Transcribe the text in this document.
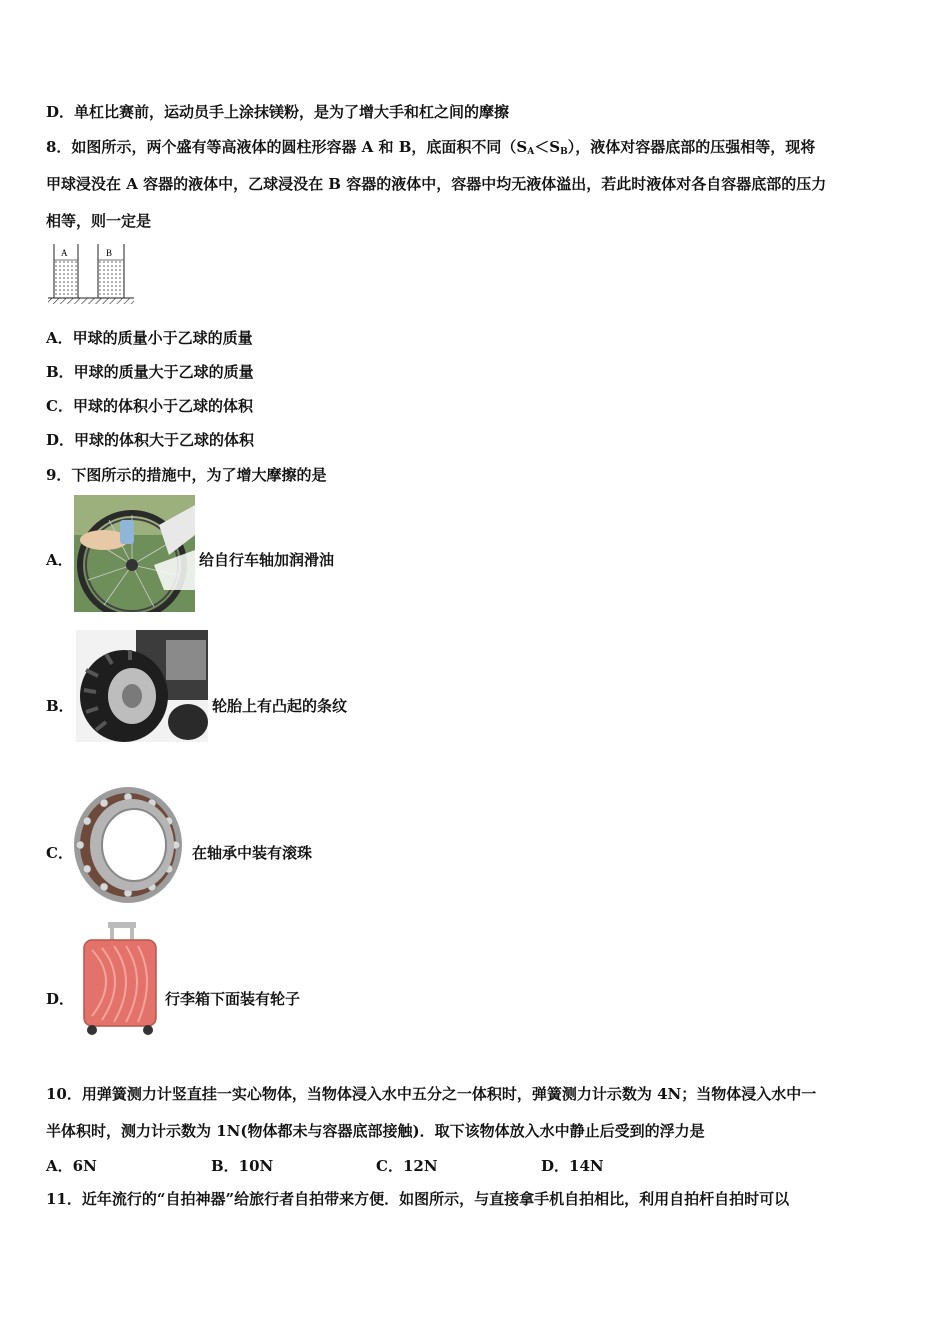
D．单杠比赛前，运动员手上涂抹镁粉，是为了增大手和杠之间的摩擦
8．如图所示，两个盛有等高液体的圆柱形容器 A 和 B，底面积不同$(S_A<S_B)$，液体对容器底部的压强相等，现将
甲球浸没在 A 容器的液体中，乙球浸没在 B 容器的液体中，容器中均无液体溢出，若此时液体对各自容器底部的压力
相等，则一定是
A	B
A．甲球的质量小于乙球的质量
B．甲球的质量大于乙球的质量
C．甲球的体积小于乙球的体积
D．甲球的体积大于乙球的体积
9．下图所示的措施中，为了增大摩擦的是
A．	给自行车轴加润滑油
B．	轮胎上有凸起的条纹
C．	在轴承中装有滚珠
D．	行李箱下面装有轮子
10．用弹簧测力计竖直挂一实心物体，当物体浸入水中五分之一体积时，弹簧测力计示数为 4N；当物体浸入水中一
半体积时，测力计示数为 1N(物体都未与容器底部接触)．取下该物体放入水中静止后受到的浮力是
A．6N	B．10N	C．12N	D．14N
11．近年流行的“自拍神器”给旅行者自拍带来方便．如图所示，与直接拿手机自拍相比，利用自拍杆自拍时可以
